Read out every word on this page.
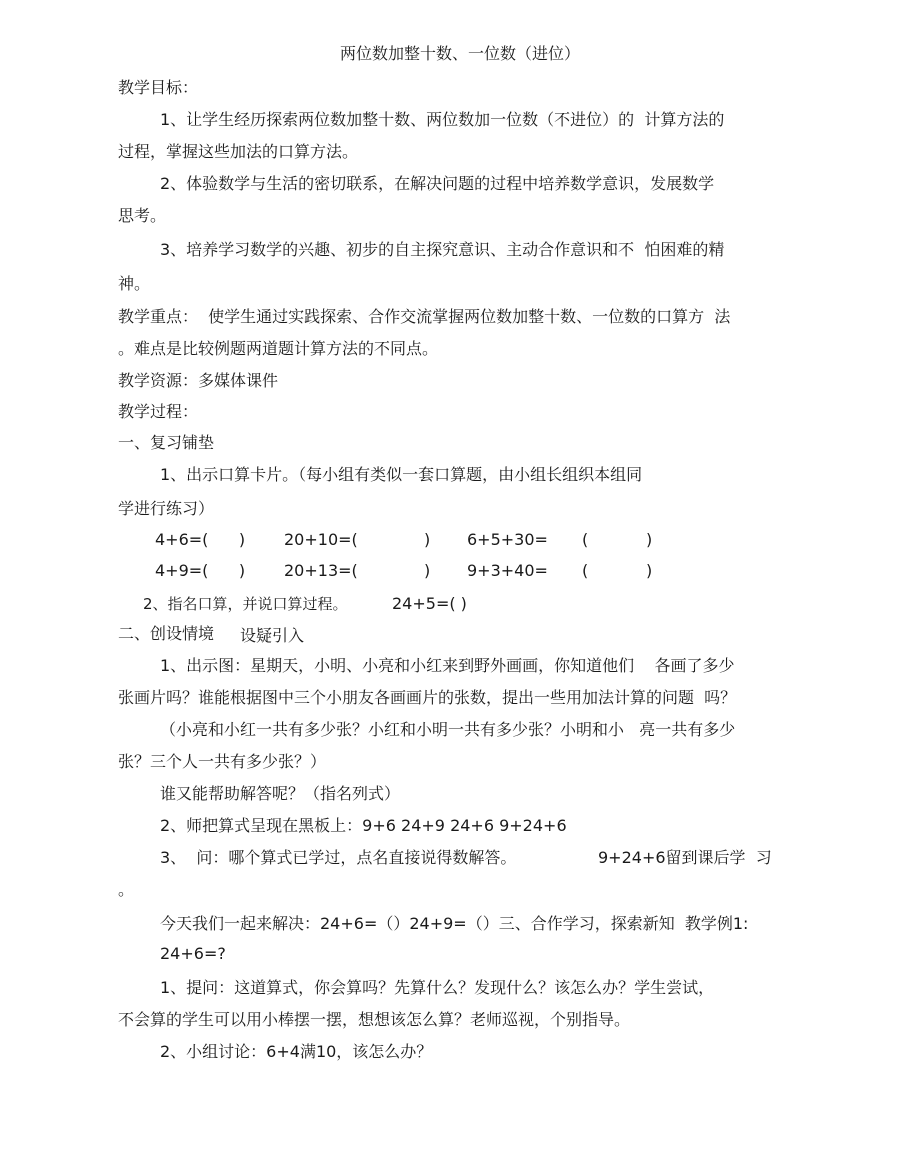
两位数加整十数、一位数（进位）
教学目标：
1、让学生经历探索两位数加整十数、两位数加一位数（不进位）的  计算方法的
过程，掌握这些加法的口算方法。
2、体验数学与生活的密切联系，在解决问题的过程中培养数学意识，发展数学
思考。
3、培养学习数学的兴趣、初步的自主探究意识、主动合作意识和不  怕困难的精
神。
教学重点：  使学生通过实践探索、合作交流掌握两位数加整十数、一位数的口算方  法
。难点是比较例题两道题计算方法的不同点。
教学资源：多媒体课件
教学过程：
一、复习铺垫
1、出示口算卡片。（每小组有类似一套口算题，由小组长组织本组同
学进行练习）
4+6=(      ) 20+10=(	) 6+5+30= (	)
4+9=(      ) 20+13=(	) 9+3+40= (	)
2、指名口算，并说口算过程。	24+5=( )
二、创设情境 设疑引入
1、出示图：星期天，小明、小亮和小红来到野外画画，你知道他们    各画了多少
张画片吗？谁能根据图中三个小朋友各画画片的张数，提出一些用加法计算的问题  吗？
（小亮和小红一共有多少张？小红和小明一共有多少张？小明和小   亮一共有多少
张？三个人一共有多少张？）
谁又能帮助解答呢？（指名列式）
2、师把算式呈现在黑板上：9+6 24+9 24+6 9+24+6
3、  问：哪个算式已学过，点名直接说得数解答。	9+24+6留到课后学  习
。
今天我们一起来解决：24+6=（）24+9=（）三、合作学习，探索新知  教学例1:
24+6=?
1、提问：这道算式，你会算吗？先算什么？发现什么？该怎么办？学生尝试，
不会算的学生可以用小棒摆一摆，想想该怎么算？老师巡视，个别指导。
2、小组讨论：6+4满10，该怎么办？
